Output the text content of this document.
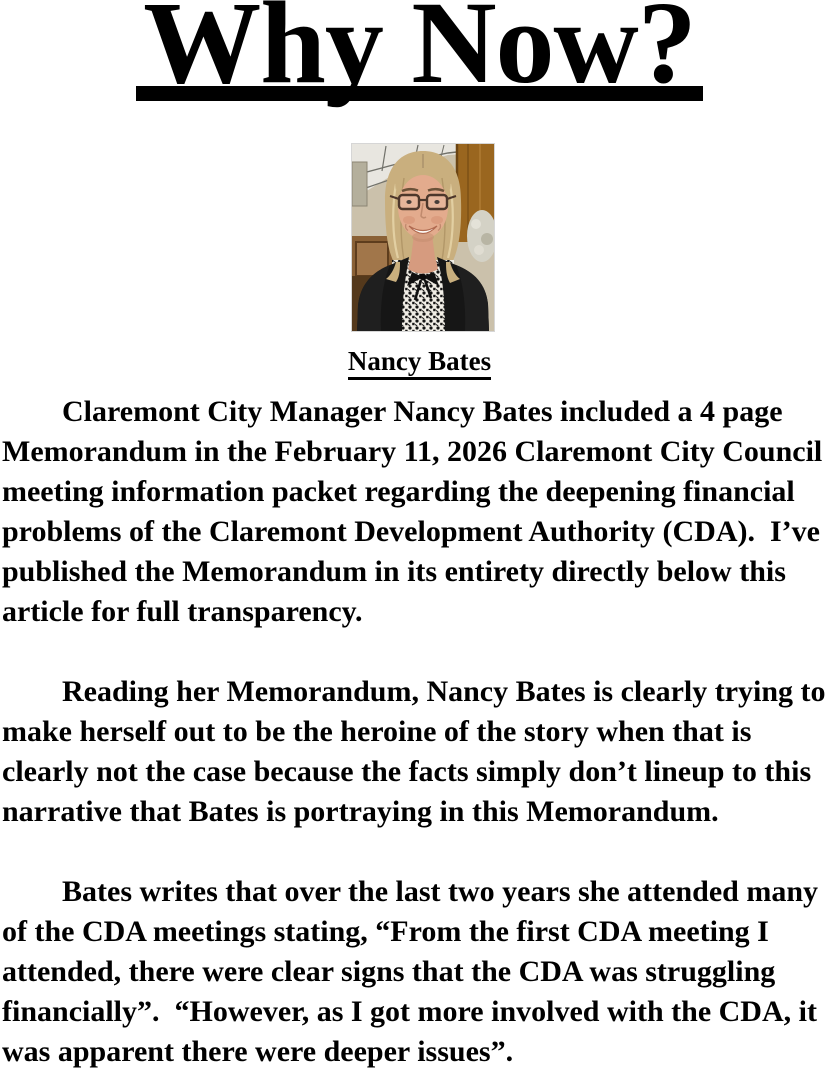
Why Now?
Nancy Bates

Claremont City Manager Nancy Bates included a 4 page Memorandum in the February 11, 2026 Claremont City Council meeting information packet regarding the deepening financial problems of the Claremont Development Authority (CDA).  I’ve published the Memorandum in its entirety directly below this article for full transparency.

Reading her Memorandum, Nancy Bates is clearly trying to make herself out to be the heroine of the story when that is clearly not the case because the facts simply don’t lineup to this narrative that Bates is portraying in this Memorandum.

Bates writes that over the last two years she attended many of the CDA meetings stating, “From the first CDA meeting I attended, there were clear signs that the CDA was struggling financially”.  “However, as I got more involved with the CDA, it was apparent there were deeper issues”.
